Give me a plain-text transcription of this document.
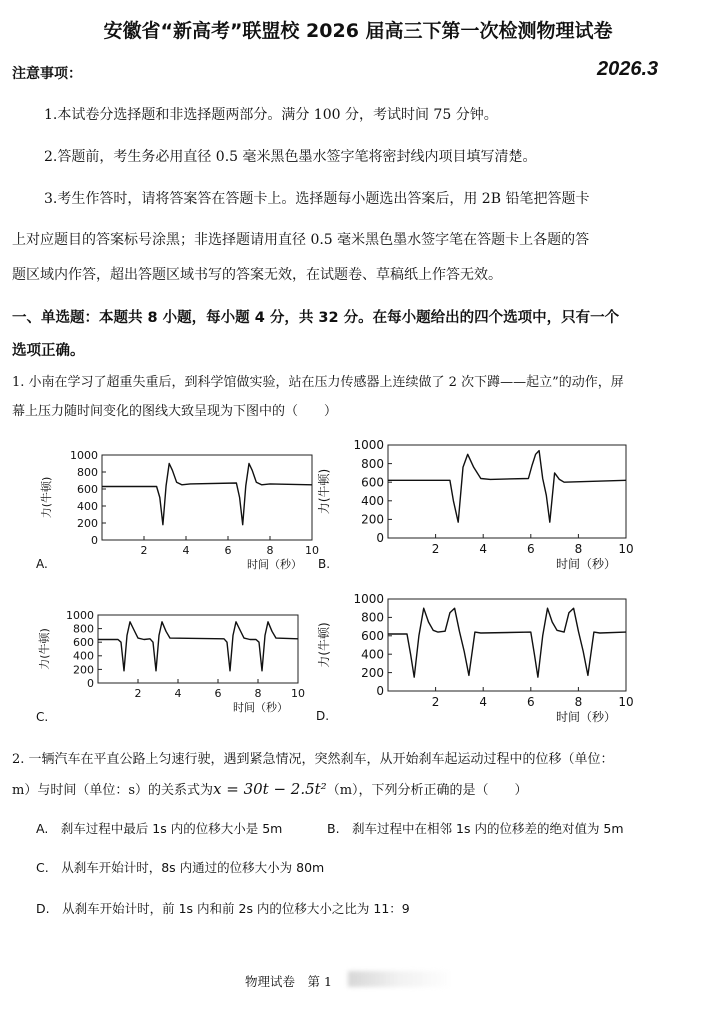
安徽省“新高考”联盟校 2026 届高三下第一次检测物理试卷
注意事项：	2026.3
1.本试卷分选择题和非选择题两部分。满分 100 分，考试时间 75 分钟。
2.答题前，考生务必用直径 0.5 毫米黑色墨水签字笔将密封线内项目填写清楚。
3.考生作答时，请将答案答在答题卡上。选择题每小题选出答案后，用 2B 铅笔把答题卡
上对应题目的答案标号涂黑；非选择题请用直径 0.5 毫米黑色墨水签字笔在答题卡上各题的答
题区域内作答，超出答题区域书写的答案无效，在试题卷、草稿纸上作答无效。
一、单选题：本题共 8 小题，每小题 4 分，共 32 分。在每小题给出的四个选项中，只有一个
选项正确。
1. 小南在学习了超重失重后，到科学馆做实验，站在压力传感器上连续做了 2 次下蹲——起立”的动作，屏
幕上压力随时间变化的图线大致呈现为下图中的（　　）
0
200
400
600
800
1000
2	4	6	8	10
时间（秒）
力(牛顿)
A.
0
200
400
600
800
1000
2	4	6	8	10
时间（秒）
力(牛顿)
B.
0
200
400
600
800
1000
2	4	6	8	10
时间（秒）
力(牛顿)
C.
0
200
400
600
800
1000
2	4	6	8	10
时间（秒）
力(牛顿)
D.
2. 一辆汽车在平直公路上匀速行驶，遇到紧急情况，突然刹车，从开始刹车起运动过程中的位移（单位：
m）与时间（单位：s）的关系式为x = 30t − 2.5t²（m），下列分析正确的是（　　）
A.　刹车过程中最后 1s 内的位移大小是 5m	B.　刹车过程中在相邻 1s 内的位移差的绝对值为 5m
C.　从刹车开始计时，8s 内通过的位移大小为 80m
D.　从刹车开始计时，前 1s 内和前 2s 内的位移大小之比为 11：9
物理试卷　第 1
